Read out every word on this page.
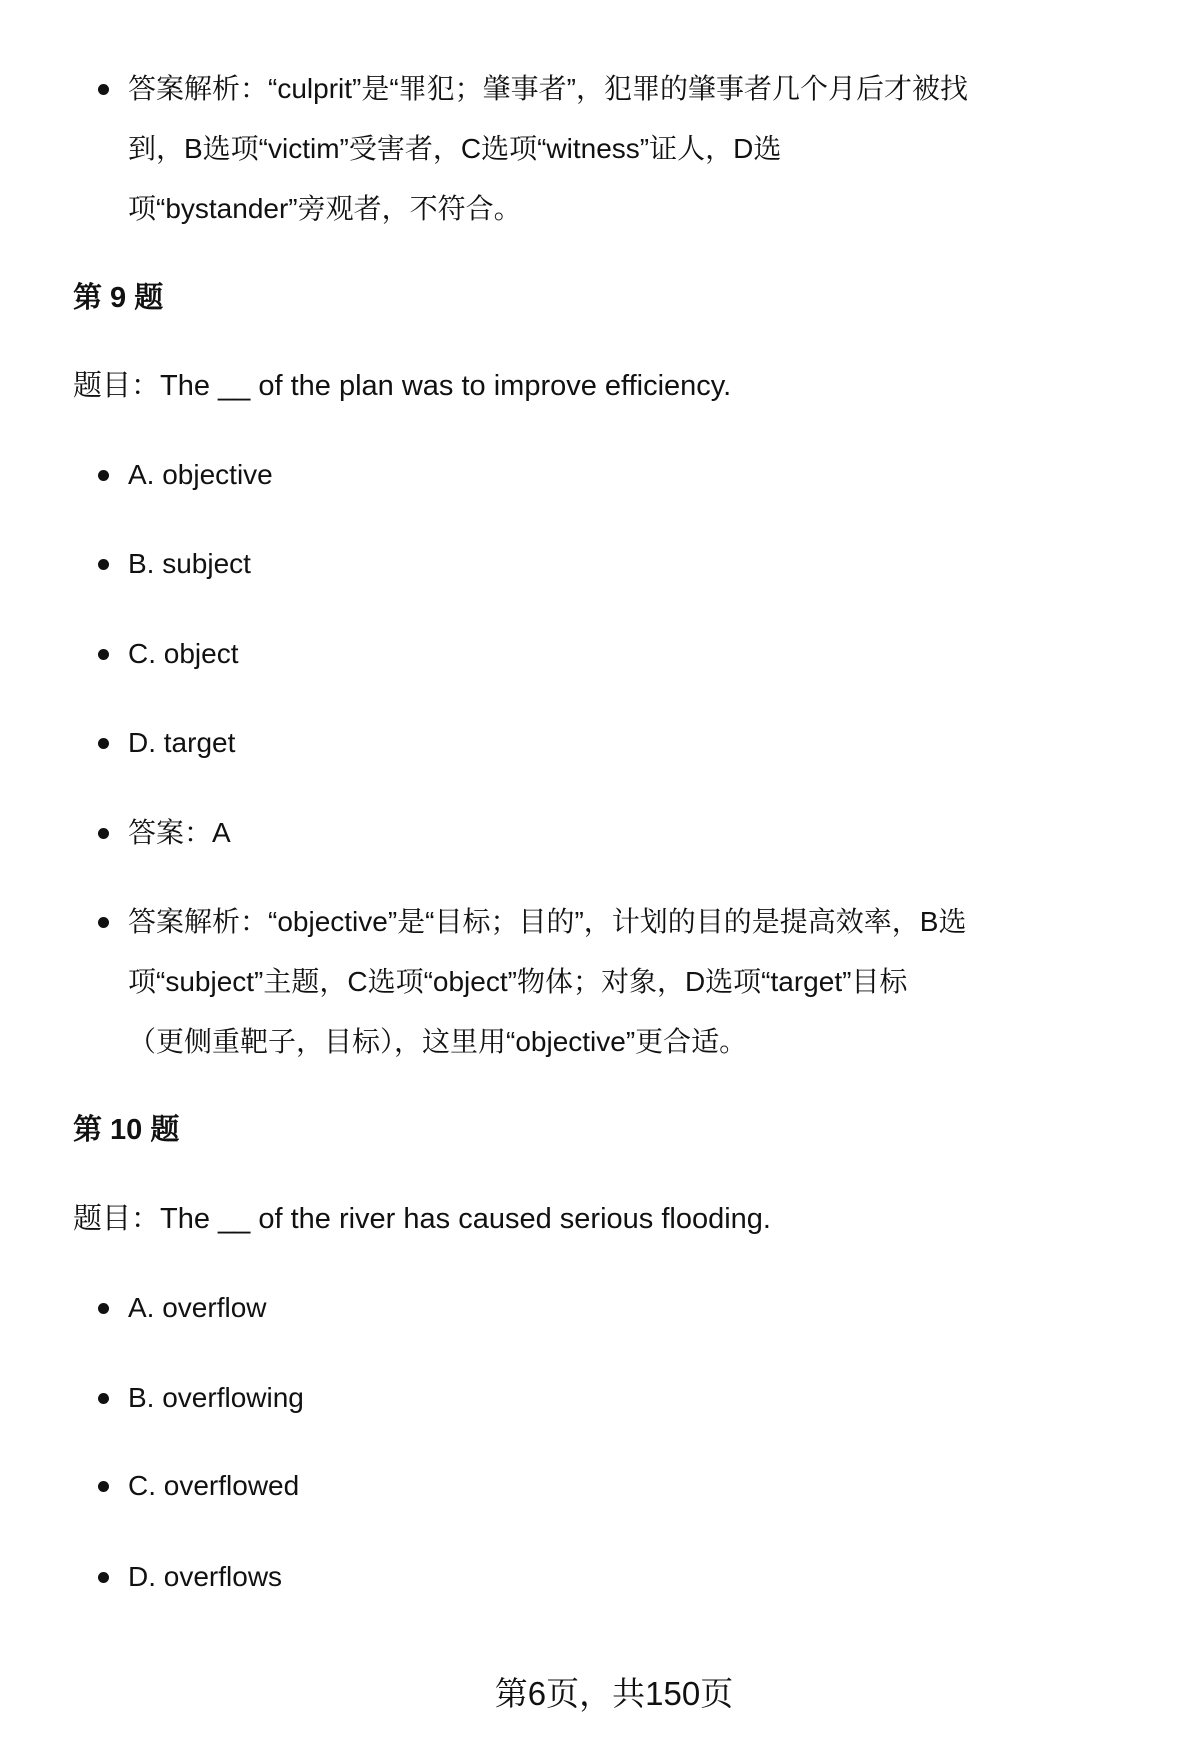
答案解析：“culprit”是“罪犯；肇事者”，犯罪的肇事者几个月后才被找
到，B选项“victim”受害者，C选项“witness”证人，D选
项“bystander”旁观者，不符合。
第 9 题
题目：The __ of the plan was to improve efficiency.
A. objective
B. subject
C. object
D. target
答案：A
答案解析：“objective”是“目标；目的”，计划的目的是提高效率，B选
项“subject”主题，C选项“object”物体；对象，D选项“target”目标
（更侧重靶子，目标），这里用“objective”更合适。
第 10 题
题目：The __ of the river has caused serious flooding.
A. overflow
B. overflowing
C. overflowed
D. overflows
第6页，共150页
